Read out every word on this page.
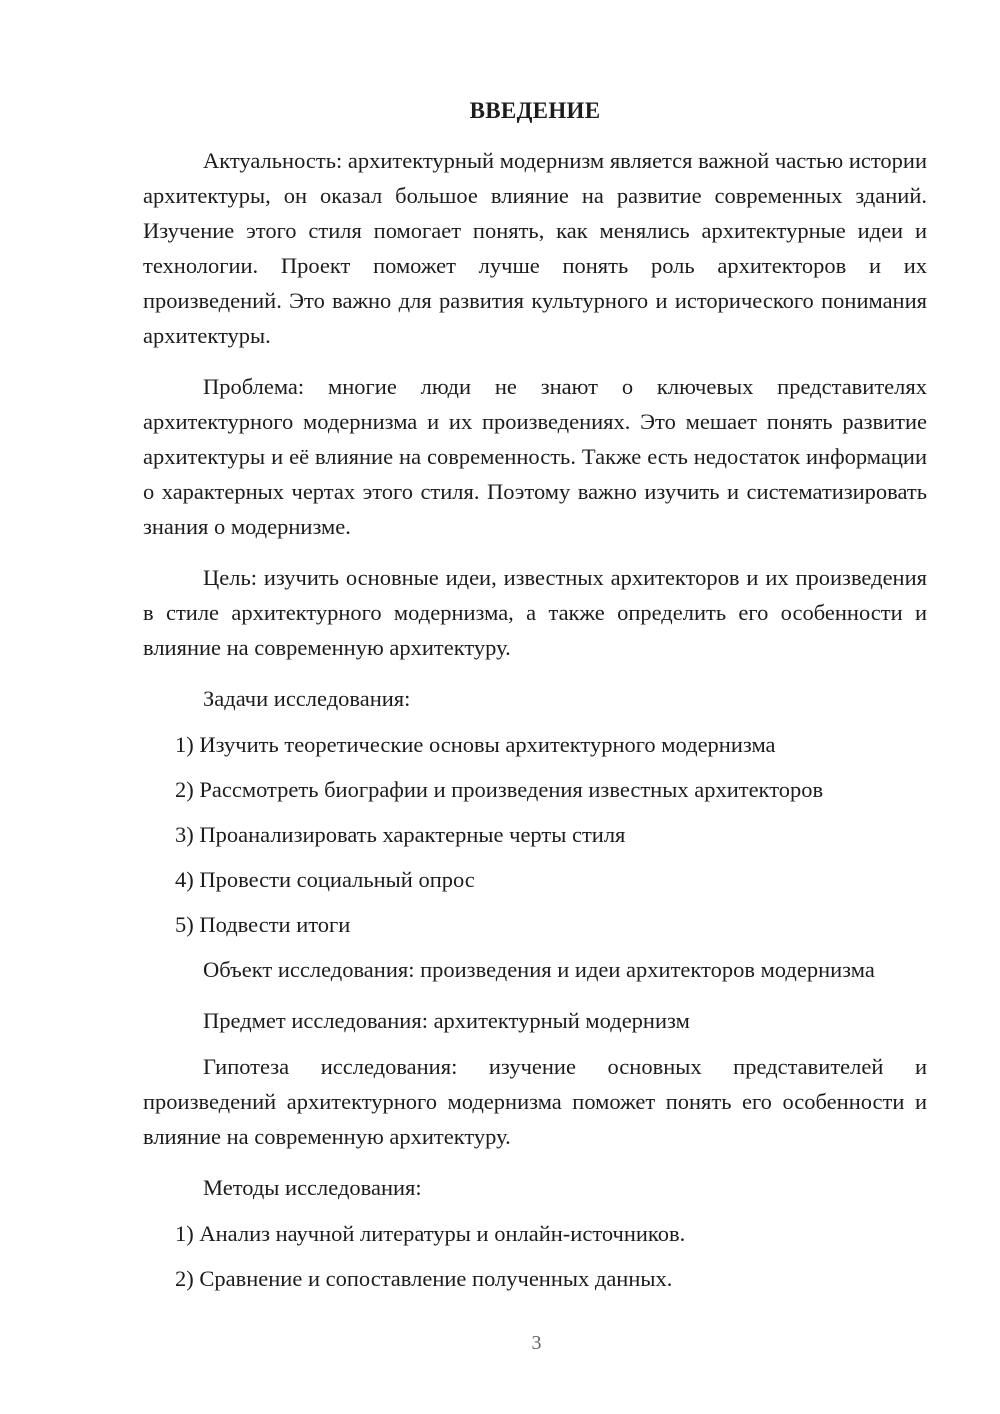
ВВЕДЕНИЕ

Актуальность: архитектурный модернизм является важной частью истории архитектуры, он оказал большое влияние на развитие современных зданий. Изучение этого стиля помогает понять, как менялись архитектурные идеи и технологии. Проект поможет лучше понять роль архитекторов и их произведений. Это важно для развития культурного и исторического понимания архитектуры.

Проблема: многие люди не знают о ключевых представителях архитектурного модернизма и их произведениях. Это мешает понять развитие архитектуры и её влияние на современность. Также есть недостаток информации о характерных чертах этого стиля. Поэтому важно изучить и систематизировать знания о модернизме.

Цель: изучить основные идеи, известных архитекторов и их произведения в стиле архитектурного модернизма, а также определить его особенности и влияние на современную архитектуру.

Задачи исследования:
1) Изучить теоретические основы архитектурного модернизма
2) Рассмотреть биографии и произведения известных архитекторов
3) Проанализировать характерные черты стиля
4) Провести социальный опрос
5) Подвести итоги

Объект исследования: произведения и идеи архитекторов модернизма

Предмет исследования: архитектурный модернизм

Гипотеза исследования: изучение основных представителей и произведений архитектурного модернизма поможет понять его особенности и влияние на современную архитектуру.

Методы исследования:
1) Анализ научной литературы и онлайн-источников.
2) Сравнение и сопоставление полученных данных.
3
